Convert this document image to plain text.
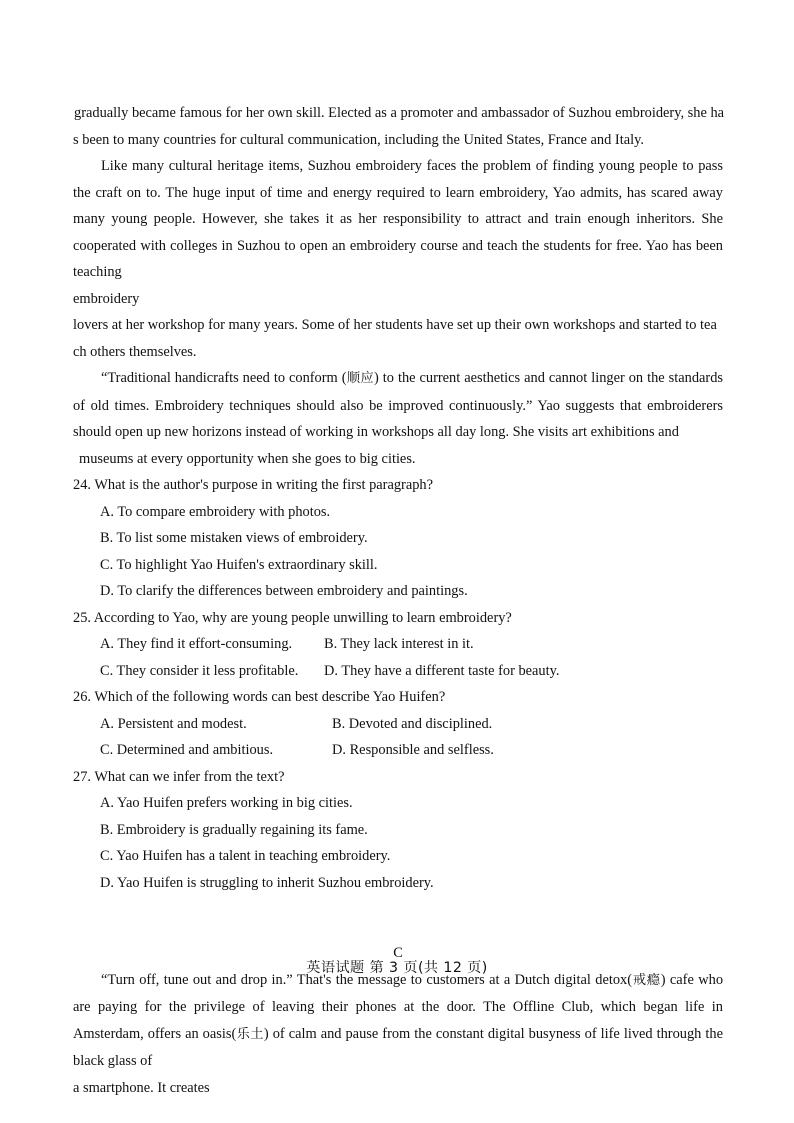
gradually became famous for her own skill. Elected as a promoter and ambassador of Suzhou embroidery, she ha

s been to many countries for cultural communication, including the United States, France and Italy.

Like many cultural heritage items, Suzhou embroidery faces the problem of finding young people to pass the craft on to. The huge input of time and energy required to learn embroidery, Yao admits, has scared away many young people. However, she takes it as her responsibility to attract and train enough inheritors. She cooperated with colleges in Suzhou to open an embroidery course and teach the students for free. Yao has been teaching

embroidery

lovers at her workshop for many years. Some of her students have set up their own workshops and started to tea

ch others themselves.

“Traditional handicrafts need to conform (顺应) to the current aesthetics and cannot linger on the standards of old times. Embroidery techniques should also be improved continuously.” Yao suggests that embroiderers should open up new horizons instead of working in workshops all day long. She visits art exhibitions and

museums at every opportunity when she goes to big cities.

24. What is the author's purpose in writing the first paragraph?

A. To compare embroidery with photos.

B. To list some mistaken views of embroidery.

C. To highlight Yao Huifen's extraordinary skill.

D. To clarify the differences between embroidery and paintings.

25. According to Yao, why are young people unwilling to learn embroidery?

A. They find it effort-consuming. B. They lack interest in it.

C. They consider it less profitable. D. They have a different taste for beauty.

26. Which of the following words can best describe Yao Huifen?

A. Persistent and modest.	B. Devoted and disciplined.

C. Determined and ambitious.	D. Responsible and selfless.

27. What can we infer from the text?

A. Yao Huifen prefers working in big cities.

B. Embroidery is gradually regaining its fame.

C. Yao Huifen has a talent in teaching embroidery.

D. Yao Huifen is struggling to inherit Suzhou embroidery.

C

“Turn off, tune out and drop in.” That's the message to customers at a Dutch digital detox(戒瘾) cafe who are paying for the privilege of leaving their phones at the door. The Offline Club, which began life in Amsterdam, offers an oasis(乐土) of calm and pause from the constant digital busyness of life lived through the black glass of

a smartphone. It creates

英语试题 第 3 页(共 12 页)
